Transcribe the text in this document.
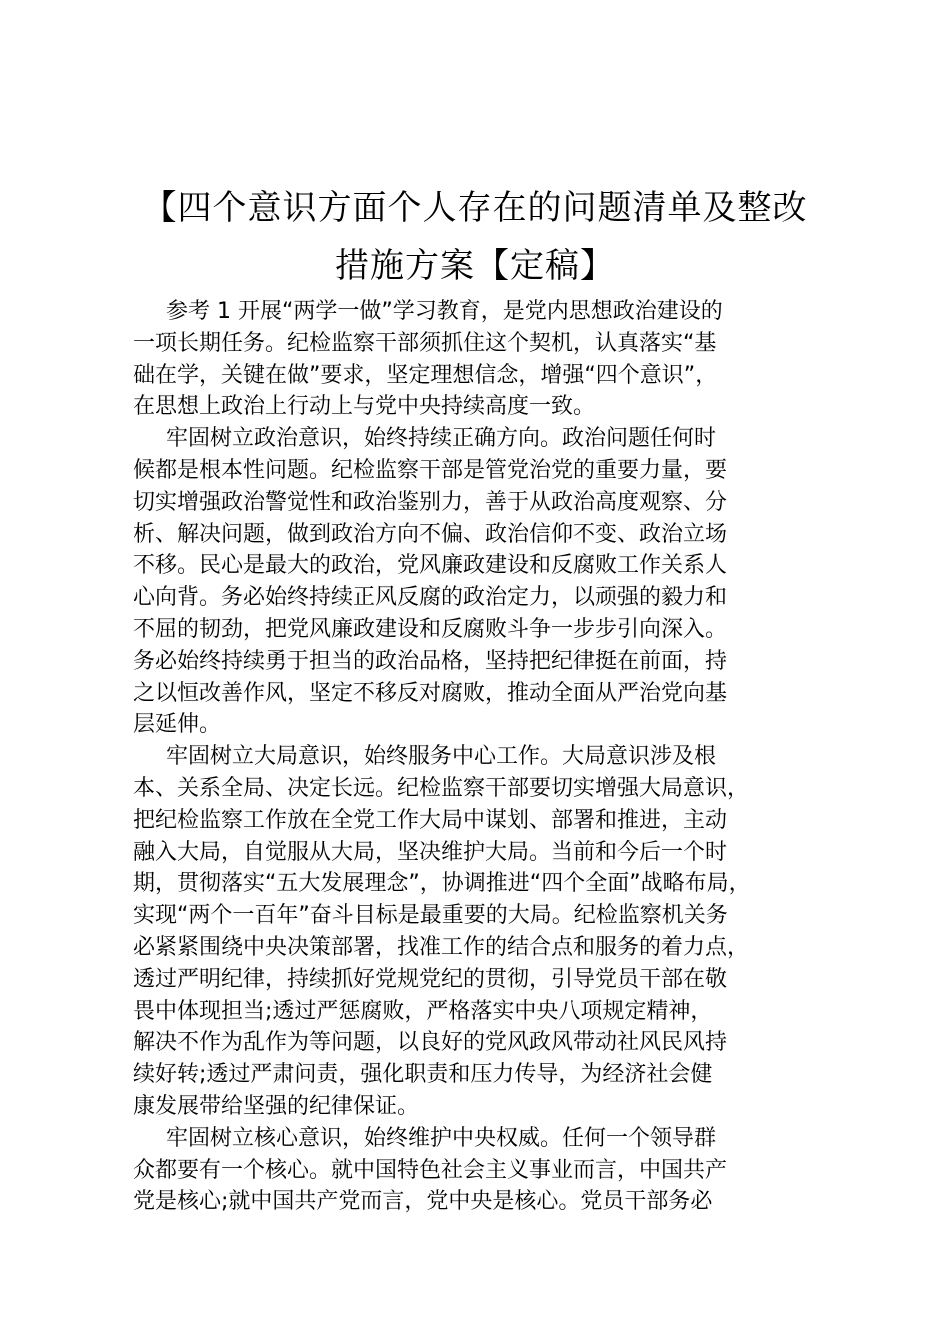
【四个意识方面个人存在的问题清单及整改
措施方案【定稿】
参考 1 开展“两学一做”学习教育，是党内思想政治建设的
一项长期任务。纪检监察干部须抓住这个契机，认真落实“基
础在学，关键在做”要求，坚定理想信念，增强“四个意识”，
在思想上政治上行动上与党中央持续高度一致。
牢固树立政治意识，始终持续正确方向。政治问题任何时
候都是根本性问题。纪检监察干部是管党治党的重要力量，要
切实增强政治警觉性和政治鉴别力，善于从政治高度观察、分
析、解决问题，做到政治方向不偏、政治信仰不变、政治立场
不移。民心是最大的政治，党风廉政建设和反腐败工作关系人
心向背。务必始终持续正风反腐的政治定力，以顽强的毅力和
不屈的韧劲，把党风廉政建设和反腐败斗争一步步引向深入。
务必始终持续勇于担当的政治品格，坚持把纪律挺在前面，持
之以恒改善作风，坚定不移反对腐败，推动全面从严治党向基
层延伸。
牢固树立大局意识，始终服务中心工作。大局意识涉及根
本、关系全局、决定长远。纪检监察干部要切实增强大局意识，
把纪检监察工作放在全党工作大局中谋划、部署和推进，主动
融入大局，自觉服从大局，坚决维护大局。当前和今后一个时
期，贯彻落实“五大发展理念”，协调推进“四个全面”战略布局，
实现“两个一百年”奋斗目标是最重要的大局。纪检监察机关务
必紧紧围绕中央决策部署，找准工作的结合点和服务的着力点，
透过严明纪律，持续抓好党规党纪的贯彻，引导党员干部在敬
畏中体现担当;透过严惩腐败，严格落实中央八项规定精神，
解决不作为乱作为等问题，以良好的党风政风带动社风民风持
续好转;透过严肃问责，强化职责和压力传导，为经济社会健
康发展带给坚强的纪律保证。
牢固树立核心意识，始终维护中央权威。任何一个领导群
众都要有一个核心。就中国特色社会主义事业而言，中国共产
党是核心;就中国共产党而言，党中央是核心。党员干部务必
